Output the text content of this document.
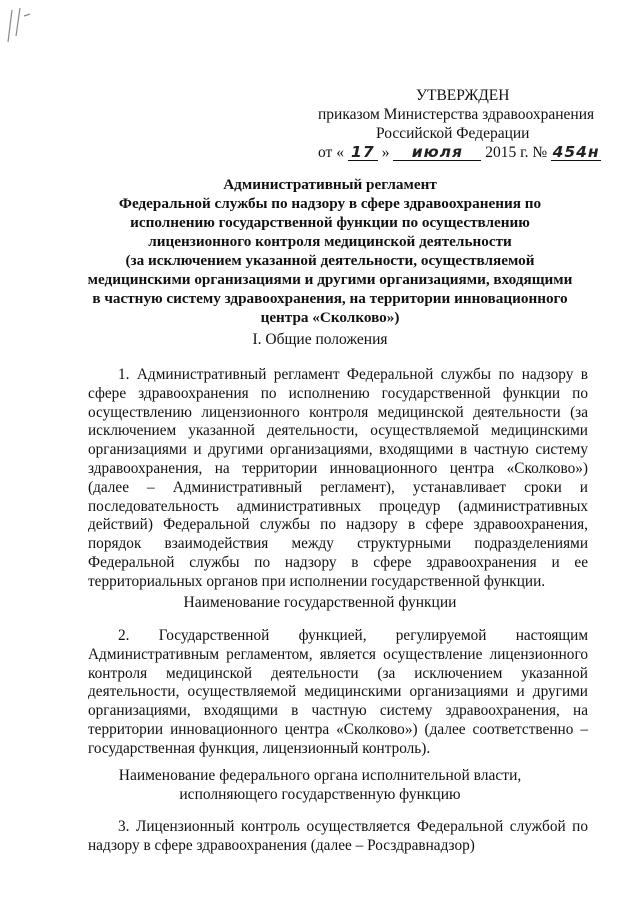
УТВЕРЖДЕН
приказом Министерства здравоохранения
Российской Федерации
от « 17 » июля 2015 г. № 454н
Административный регламент
Федеральной службы по надзору в сфере здравоохранения по
исполнению государственной функции по осуществлению
лицензионного контроля медицинской деятельности
(за исключением указанной деятельности, осуществляемой
медицинскими организациями и другими организациями, входящими
в частную систему здравоохранения, на территории инновационного
центра «Сколково»)
I. Общие положения

1. Административный регламент Федеральной службы по надзору в сфере здравоохранения по исполнению государственной функции по осуществлению лицензионного контроля медицинской деятельности (за исключением указанной деятельности, осуществляемой медицинскими организациями и другими организациями, входящими в частную систему здравоохранения, на территории инновационного центра «Сколково») (далее – Административный регламент), устанавливает сроки и последовательность административных процедур (административных действий) Федеральной службы по надзору в сфере здравоохранения, порядок взаимодействия между структурными подразделениями Федеральной службы по надзору в сфере здравоохранения и ее территориальных органов при исполнении государственной функции.

Наименование государственной функции

2. Государственной функцией, регулируемой настоящим Административным регламентом, является осуществление лицензионного контроля медицинской деятельности (за исключением указанной деятельности, осуществляемой медицинскими организациями и другими организациями, входящими в частную систему здравоохранения, на территории инновационного центра «Сколково») (далее соответственно – государственная функция, лицензионный контроль).

Наименование федерального органа исполнительной власти,
исполняющего государственную функцию

3. Лицензионный контроль осуществляется Федеральной службой по надзору в сфере здравоохранения (далее – Росздравнадзор)
